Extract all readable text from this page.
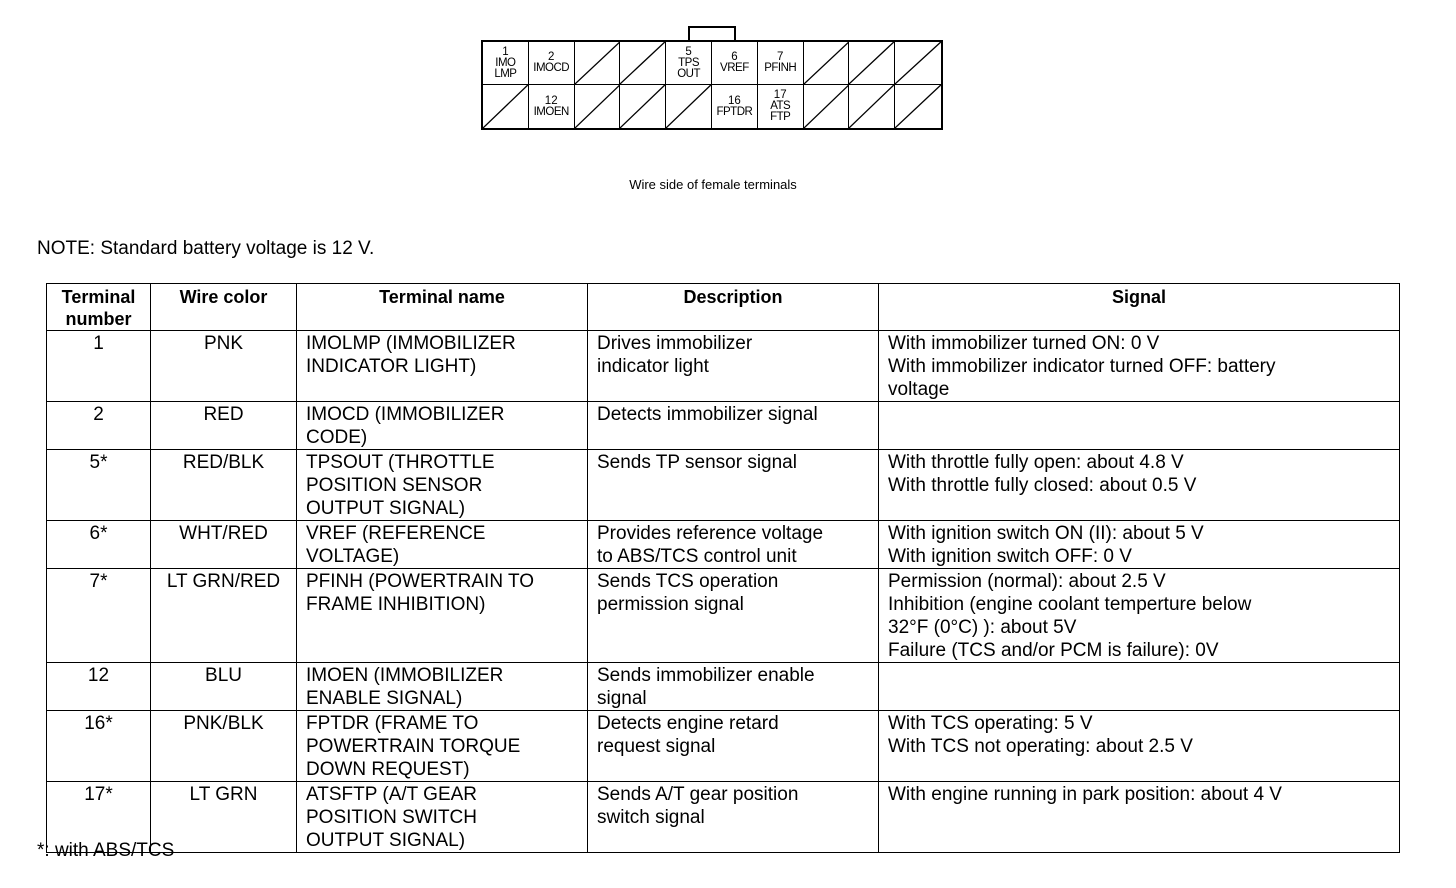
1
IMO
LMP
2
IMOCD
5
TPS
OUT
6
VREF
7
PFINH
12
IMOEN
16
FPTDR
17
ATS
FTP
Wire side of female terminals
NOTE: Standard battery voltage is 12 V.
Terminal number	Wire color	Terminal name	Description	Signal
1	PNK	IMOLMP (IMMOBILIZER
INDICATOR LIGHT)	Drives immobilizer
indicator light	With immobilizer turned ON: 0 V
With immobilizer indicator turned OFF: battery
voltage
2	RED	IMOCD (IMMOBILIZER
CODE)	Detects immobilizer signal	
5*	RED/BLK	TPSOUT (THROTTLE
POSITION SENSOR
OUTPUT SIGNAL)	Sends TP sensor signal	With throttle fully open: about 4.8 V
With throttle fully closed: about 0.5 V
6*	WHT/RED	VREF (REFERENCE
VOLTAGE)	Provides reference voltage
to ABS/TCS control unit	With ignition switch ON (II): about 5 V
With ignition switch OFF: 0 V
7*	LT GRN/RED	PFINH (POWERTRAIN TO
FRAME INHIBITION)	Sends TCS operation
permission signal	Permission (normal): about 2.5 V
Inhibition (engine coolant temperture below
32°F (0°C) ): about 5V
Failure (TCS and/or PCM is failure): 0V
12	BLU	IMOEN (IMMOBILIZER
ENABLE SIGNAL)	Sends immobilizer enable
signal	
16*	PNK/BLK	FPTDR (FRAME TO
POWERTRAIN TORQUE
DOWN REQUEST)	Detects engine retard
request signal	With TCS operating: 5 V
With TCS not operating: about 2.5 V
17*	LT GRN	ATSFTP (A/T GEAR
POSITION SWITCH
OUTPUT SIGNAL)	Sends A/T gear position
switch signal	With engine running in park position: about 4 V
*: with ABS/TCS
